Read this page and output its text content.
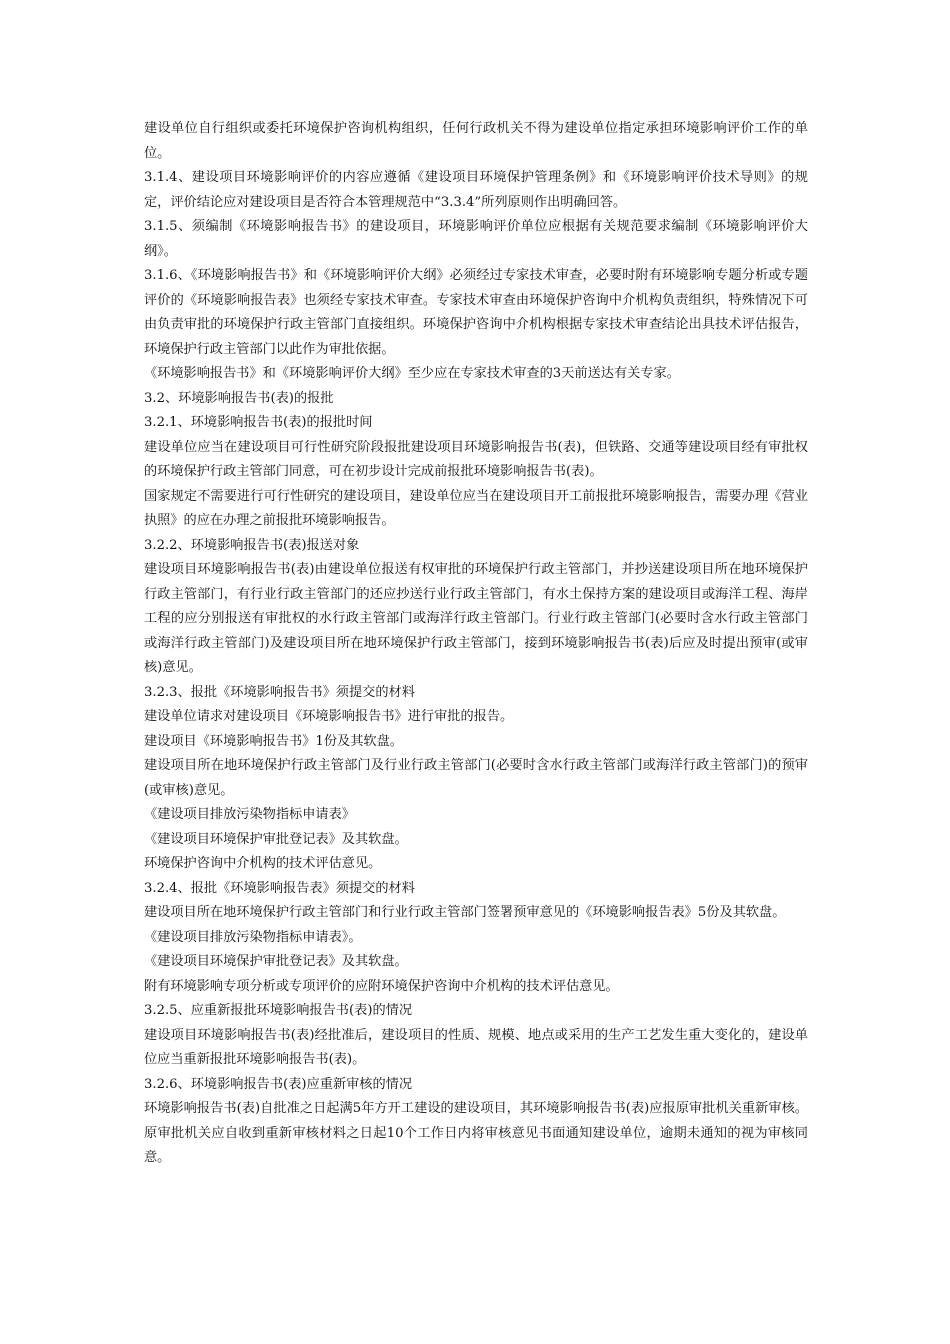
建设单位自行组织或委托环境保护咨询机构组织，任何行政机关不得为建设单位指定承担环境影响评价工作的单位。

3.1.4、建设项目环境影响评价的内容应遵循《建设项目环境保护管理条例》和《环境影响评价技术导则》的规定，评价结论应对建设项目是否符合本管理规范中“3.3.4”所列原则作出明确回答。

3.1.5、须编制《环境影响报告书》的建设项目，环境影响评价单位应根据有关规范要求编制《环境影响评价大纲》。

3.1.6、《环境影响报告书》和《环境影响评价大纲》必须经过专家技术审查，必要时附有环境影响专题分析或专题评价的《环境影响报告表》也须经专家技术审查。专家技术审查由环境保护咨询中介机构负责组织，特殊情况下可由负责审批的环境保护行政主管部门直接组织。环境保护咨询中介机构根据专家技术审查结论出具技术评估报告，环境保护行政主管部门以此作为审批依据。

《环境影响报告书》和《环境影响评价大纲》至少应在专家技术审查的3天前送达有关专家。

3.2、环境影响报告书(表)的报批

3.2.1、环境影响报告书(表)的报批时间

建设单位应当在建设项目可行性研究阶段报批建设项目环境影响报告书(表)，但铁路、交通等建设项目经有审批权的环境保护行政主管部门同意，可在初步设计完成前报批环境影响报告书(表)。

国家规定不需要进行可行性研究的建设项目，建设单位应当在建设项目开工前报批环境影响报告，需要办理《营业执照》的应在办理之前报批环境影响报告。

3.2.2、环境影响报告书(表)报送对象

建设项目环境影响报告书(表)由建设单位报送有权审批的环境保护行政主管部门，并抄送建设项目所在地环境保护行政主管部门，有行业行政主管部门的还应抄送行业行政主管部门，有水土保持方案的建设项目或海洋工程、海岸工程的应分别报送有审批权的水行政主管部门或海洋行政主管部门。行业行政主管部门(必要时含水行政主管部门或海洋行政主管部门)及建设项目所在地环境保护行政主管部门，接到环境影响报告书(表)后应及时提出预审(或审核)意见。

3.2.3、报批《环境影响报告书》须提交的材料

建设单位请求对建设项目《环境影响报告书》进行审批的报告。

建设项目《环境影响报告书》1份及其软盘。

建设项目所在地环境保护行政主管部门及行业行政主管部门(必要时含水行政主管部门或海洋行政主管部门)的预审(或审核)意见。

《建设项目排放污染物指标申请表》

《建设项目环境保护审批登记表》及其软盘。

环境保护咨询中介机构的技术评估意见。

3.2.4、报批《环境影响报告表》须提交的材料

建设项目所在地环境保护行政主管部门和行业行政主管部门签署预审意见的《环境影响报告表》5份及其软盘。

《建设项目排放污染物指标申请表》。

《建设项目环境保护审批登记表》及其软盘。

附有环境影响专项分析或专项评价的应附环境保护咨询中介机构的技术评估意见。

3.2.5、应重新报批环境影响报告书(表)的情况

建设项目环境影响报告书(表)经批准后，建设项目的性质、规模、地点或采用的生产工艺发生重大变化的，建设单位应当重新报批环境影响报告书(表)。

3.2.6、环境影响报告书(表)应重新审核的情况

环境影响报告书(表)自批准之日起满5年方开工建设的建设项目，其环境影响报告书(表)应报原审批机关重新审核。原审批机关应自收到重新审核材料之日起10个工作日内将审核意见书面通知建设单位，逾期未通知的视为审核同意。
